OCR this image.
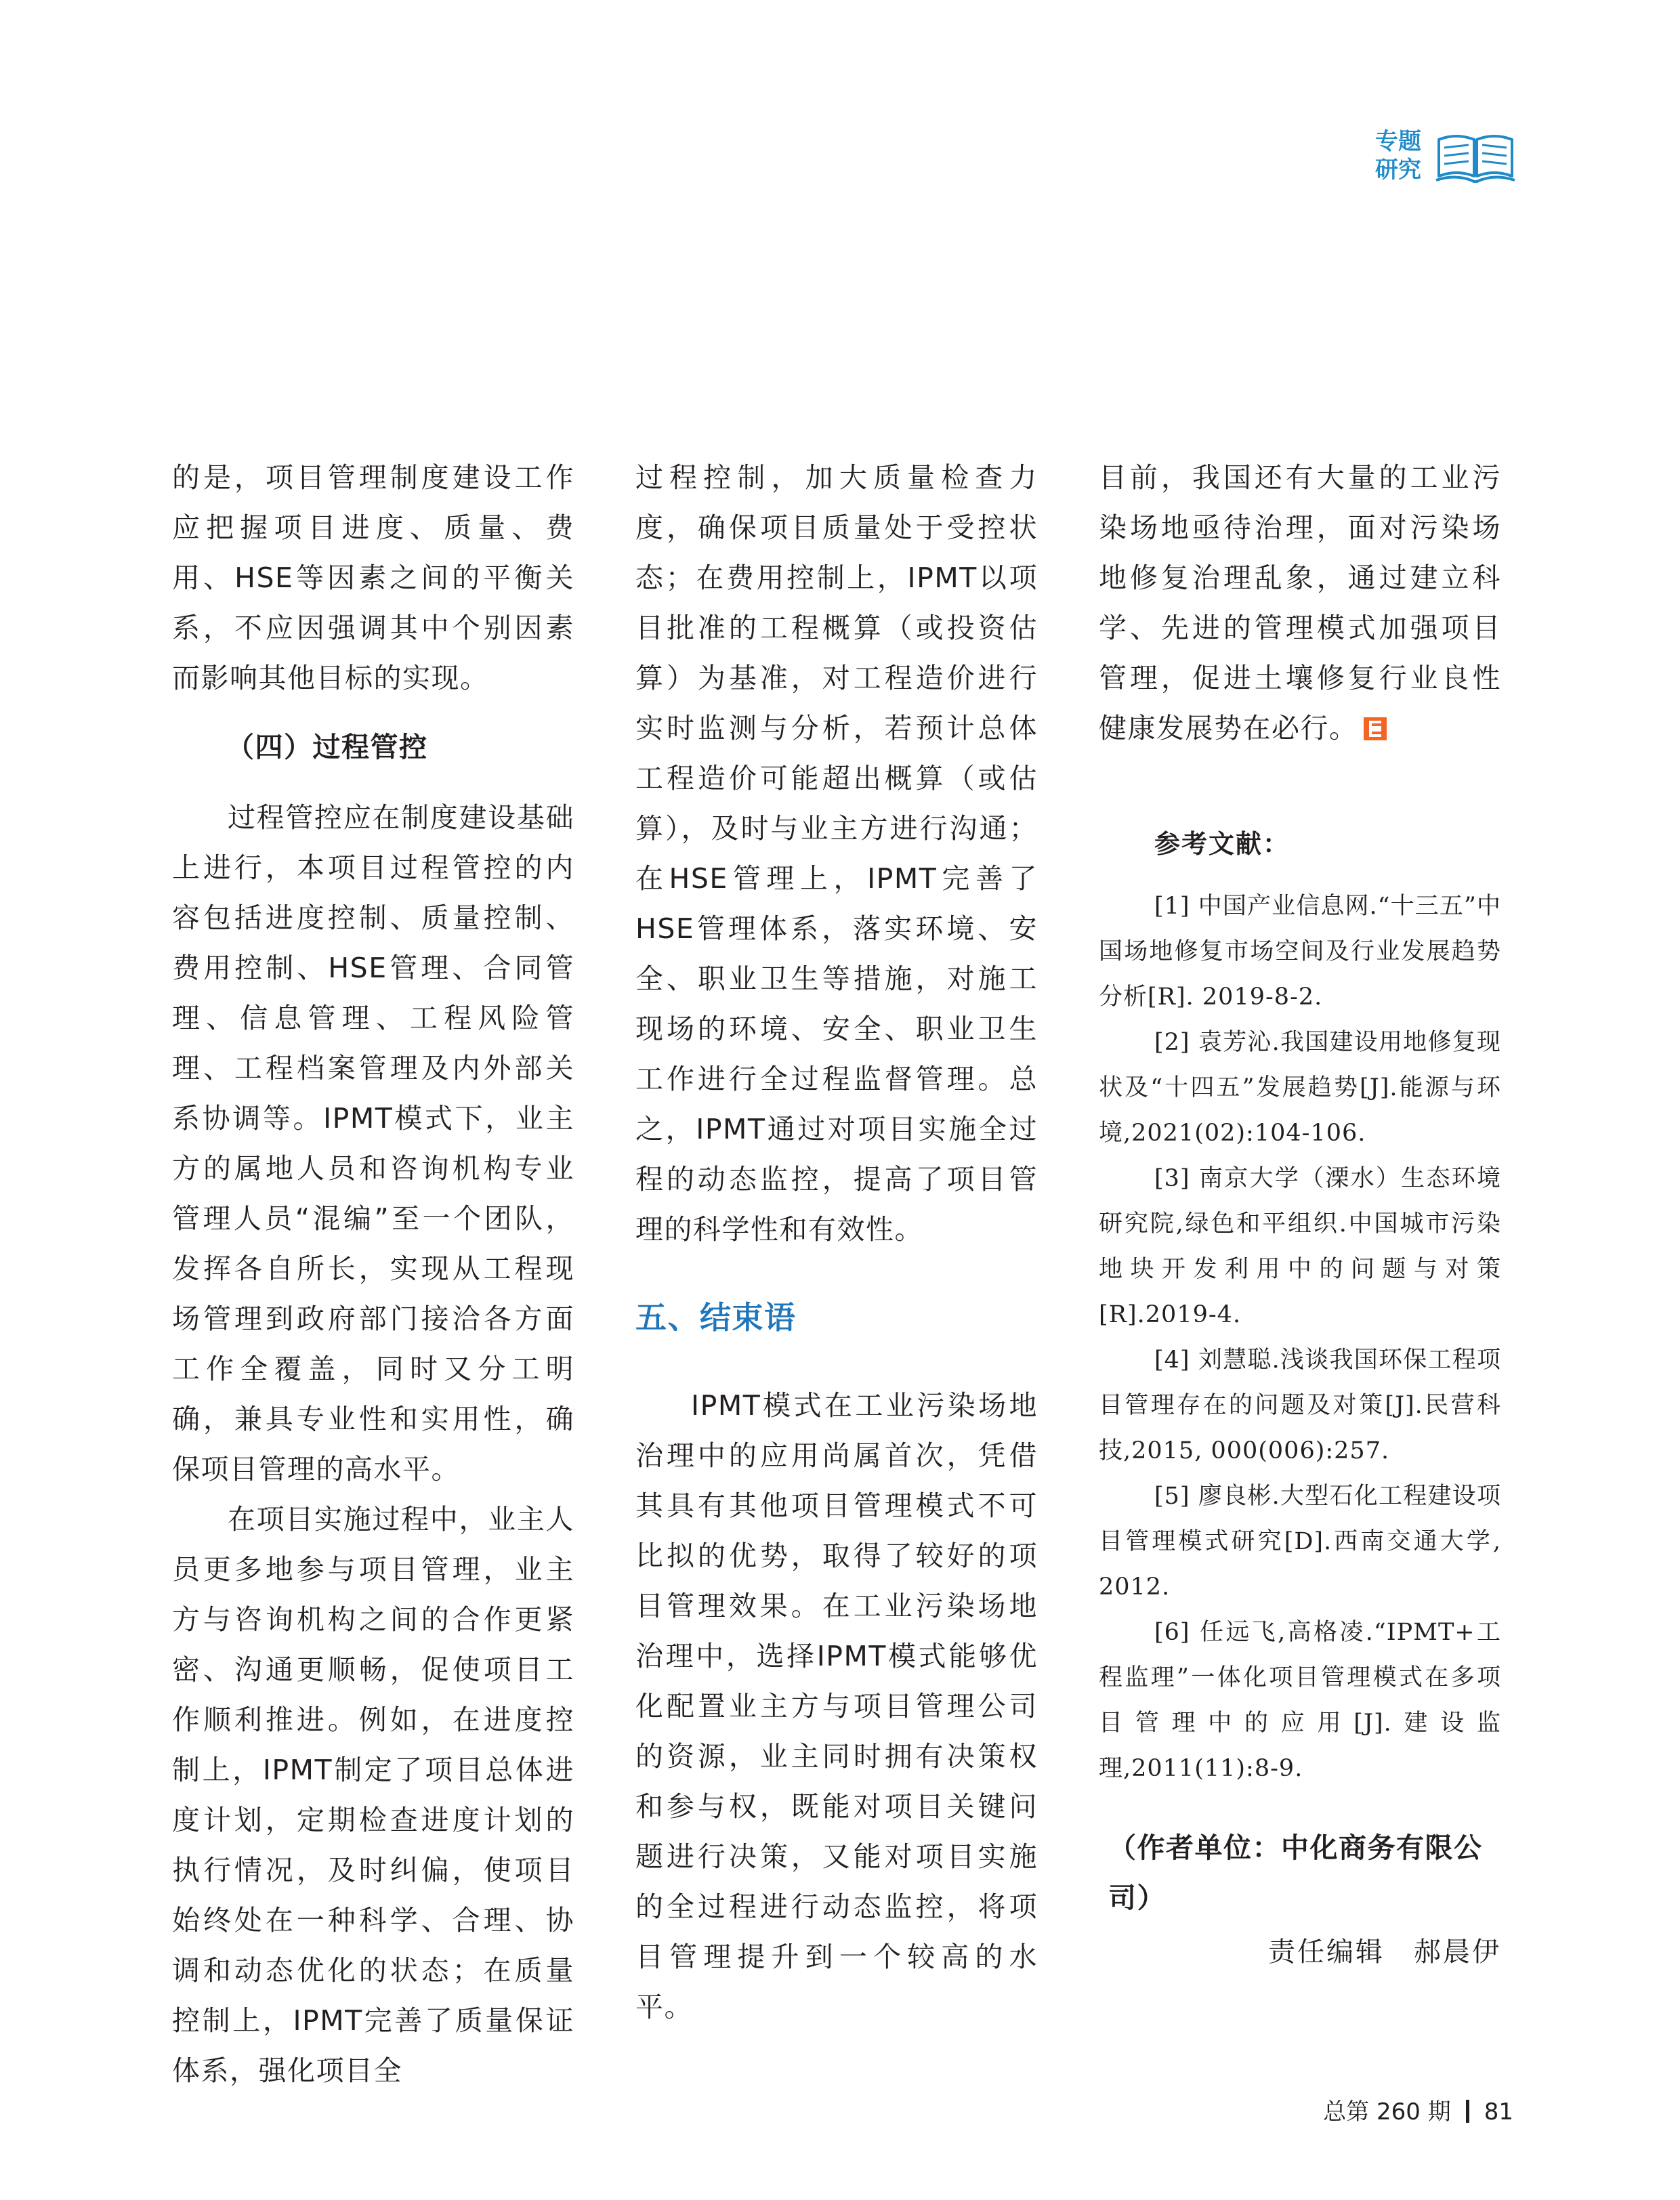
专题
研究

的是，项目管理制度建设工作应把握项目进度、质量、费用、HSE等因素之间的平衡关系，不应因强调其中个别因素而影响其他目标的实现。

（四）过程管控

过程管控应在制度建设基础上进行，本项目过程管控的内容包括进度控制、质量控制、费用控制、HSE管理、合同管理、信息管理、工程风险管理、工程档案管理及内外部关系协调等。IPMT模式下，业主方的属地人员和咨询机构专业管理人员“混编”至一个团队，发挥各自所长，实现从工程现场管理到政府部门接洽各方面工作全覆盖，同时又分工明确，兼具专业性和实用性，确保项目管理的高水平。

在项目实施过程中，业主人员更多地参与项目管理，业主方与咨询机构之间的合作更紧密、沟通更顺畅，促使项目工作顺利推进。例如，在进度控制上，IPMT制定了项目总体进度计划，定期检查进度计划的执行情况，及时纠偏，使项目始终处在一种科学、合理、协调和动态优化的状态；在质量控制上，IPMT完善了质量保证体系，强化项目全

过程控制，加大质量检查力度，确保项目质量处于受控状态；在费用控制上，IPMT以项目批准的工程概算（或投资估算）为基准，对工程造价进行实时监测与分析，若预计总体工程造价可能超出概算（或估算），及时与业主方进行沟通；在HSE管理上，IPMT完善了HSE管理体系，落实环境、安全、职业卫生等措施，对施工现场的环境、安全、职业卫生工作进行全过程监督管理。总之，IPMT通过对项目实施全过程的动态监控，提高了项目管理的科学性和有效性。

五、结束语

IPMT模式在工业污染场地治理中的应用尚属首次，凭借其具有其他项目管理模式不可比拟的优势，取得了较好的项目管理效果。在工业污染场地治理中，选择IPMT模式能够优化配置业主方与项目管理公司的资源，业主同时拥有决策权和参与权，既能对项目关键问题进行决策，又能对项目实施的全过程进行动态监控，将项目管理提升到一个较高的水平。

目前，我国还有大量的工业污染场地亟待治理，面对污染场地修复治理乱象，通过建立科学、先进的管理模式加强项目管理，促进土壤修复行业良性健康发展势在必行。

参考文献：

[1] 中国产业信息网.“十三五”中国场地修复市场空间及行业发展趋势分析[R]. 2019-8-2.

[2] 袁芳沁.我国建设用地修复现状及“十四五”发展趋势[J].能源与环境,2021(02):104-106.

[3] 南京大学（溧水）生态环境研究院,绿色和平组织.中国城市污染地块开发利用中的问题与对策[R].2019-4.

[4] 刘慧聪.浅谈我国环保工程项目管理存在的问题及对策[J].民营科技,2015, 000(006):257.

[5] 廖良彬.大型石化工程建设项目管理模式研究[D].西南交通大学, 2012.

[6] 任远飞,高格凌.“IPMT+工程监理”一体化项目管理模式在多项目管理中的应用[J].建设监理,2011(11):8-9.

（作者单位：中化商务有限公司）

责任编辑　郝晨伊

总第 260 期 81
